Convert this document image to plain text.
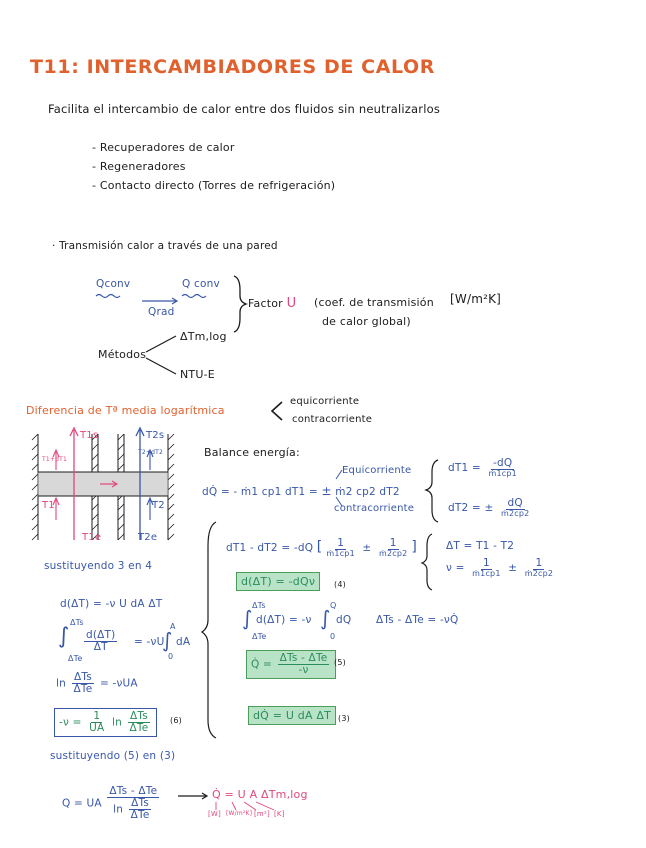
T11: INTERCAMBIADORES DE CALOR
Facilita el intercambio de calor entre dos fluidos sin neutralizarlos
- Recuperadores de calor
- Regeneradores
- Contacto directo (Torres de refrigeración)
· Transmisión calor a través de una pared
Qconv	Q conv
Qrad
Factor U (coef. de transmisión
de calor global)
[W/m²K]
Métodos
ΔTm,log
NTU-E
Diferencia de Tª media logarítmica
equicorriente
contracorriente
T1s	T2s
T1+dT1
T2+dT2
T1	T2
T1e	T2e
Balance energía:
dQ̇ = - ṁ1 cp1 dT1 = ± ṁ2 cp2 dT2
Equicorriente
contracorriente
$dT1 = \frac{-dQ}{\text{ṁ1cp1}}$
dT2 = ± $\frac{dQ}{\text{ṁ2cp2}}$
dT1 - dT2 = -dQ [ $\frac{1}{\text{ṁ1cp1}} \pm \frac{1}{\text{ṁ2cp2}}$ ]	ΔT = T1 - T2
$\nu = \frac{1}{\text{ṁ1cp1}} \pm \frac{1}{\text{ṁ2cp2}}$
d(ΔT) = -dQν	(4)
ΔTs
∫
ΔTe
d(ΔT) = -ν
Q
∫
0
dQ ΔTs - ΔTe = -νQ̇
Q̇ = $\frac{\text{ΔTs - ΔTe}}{-\nu} (5)$
dQ̇ = U dA ΔT (3)
sustituyendo 3 en 4
d(ΔT) = -ν U dA ΔT
ΔTs
∫
ΔTe
$\frac{d(\Delta T)}{\Delta T} = -\nu U$
A
∫
0
dA
$\ln \frac{\text{ΔTs}}{\text{ΔTe}} = -\nu UA$
$-\nu = \frac{1}{UA}$ $\ln \frac{\text{ΔTs}}{\text{ΔTe}} (6)$
sustituyendo (5) en (3)
Q = UA $\frac{\text{ΔTs - ΔTe}}{\ln \frac{\text{ΔTs}}{\text{ΔTe}}}$	Q̇ = U A ΔTm,log
[W] [W/m²K] [m²] [K]
